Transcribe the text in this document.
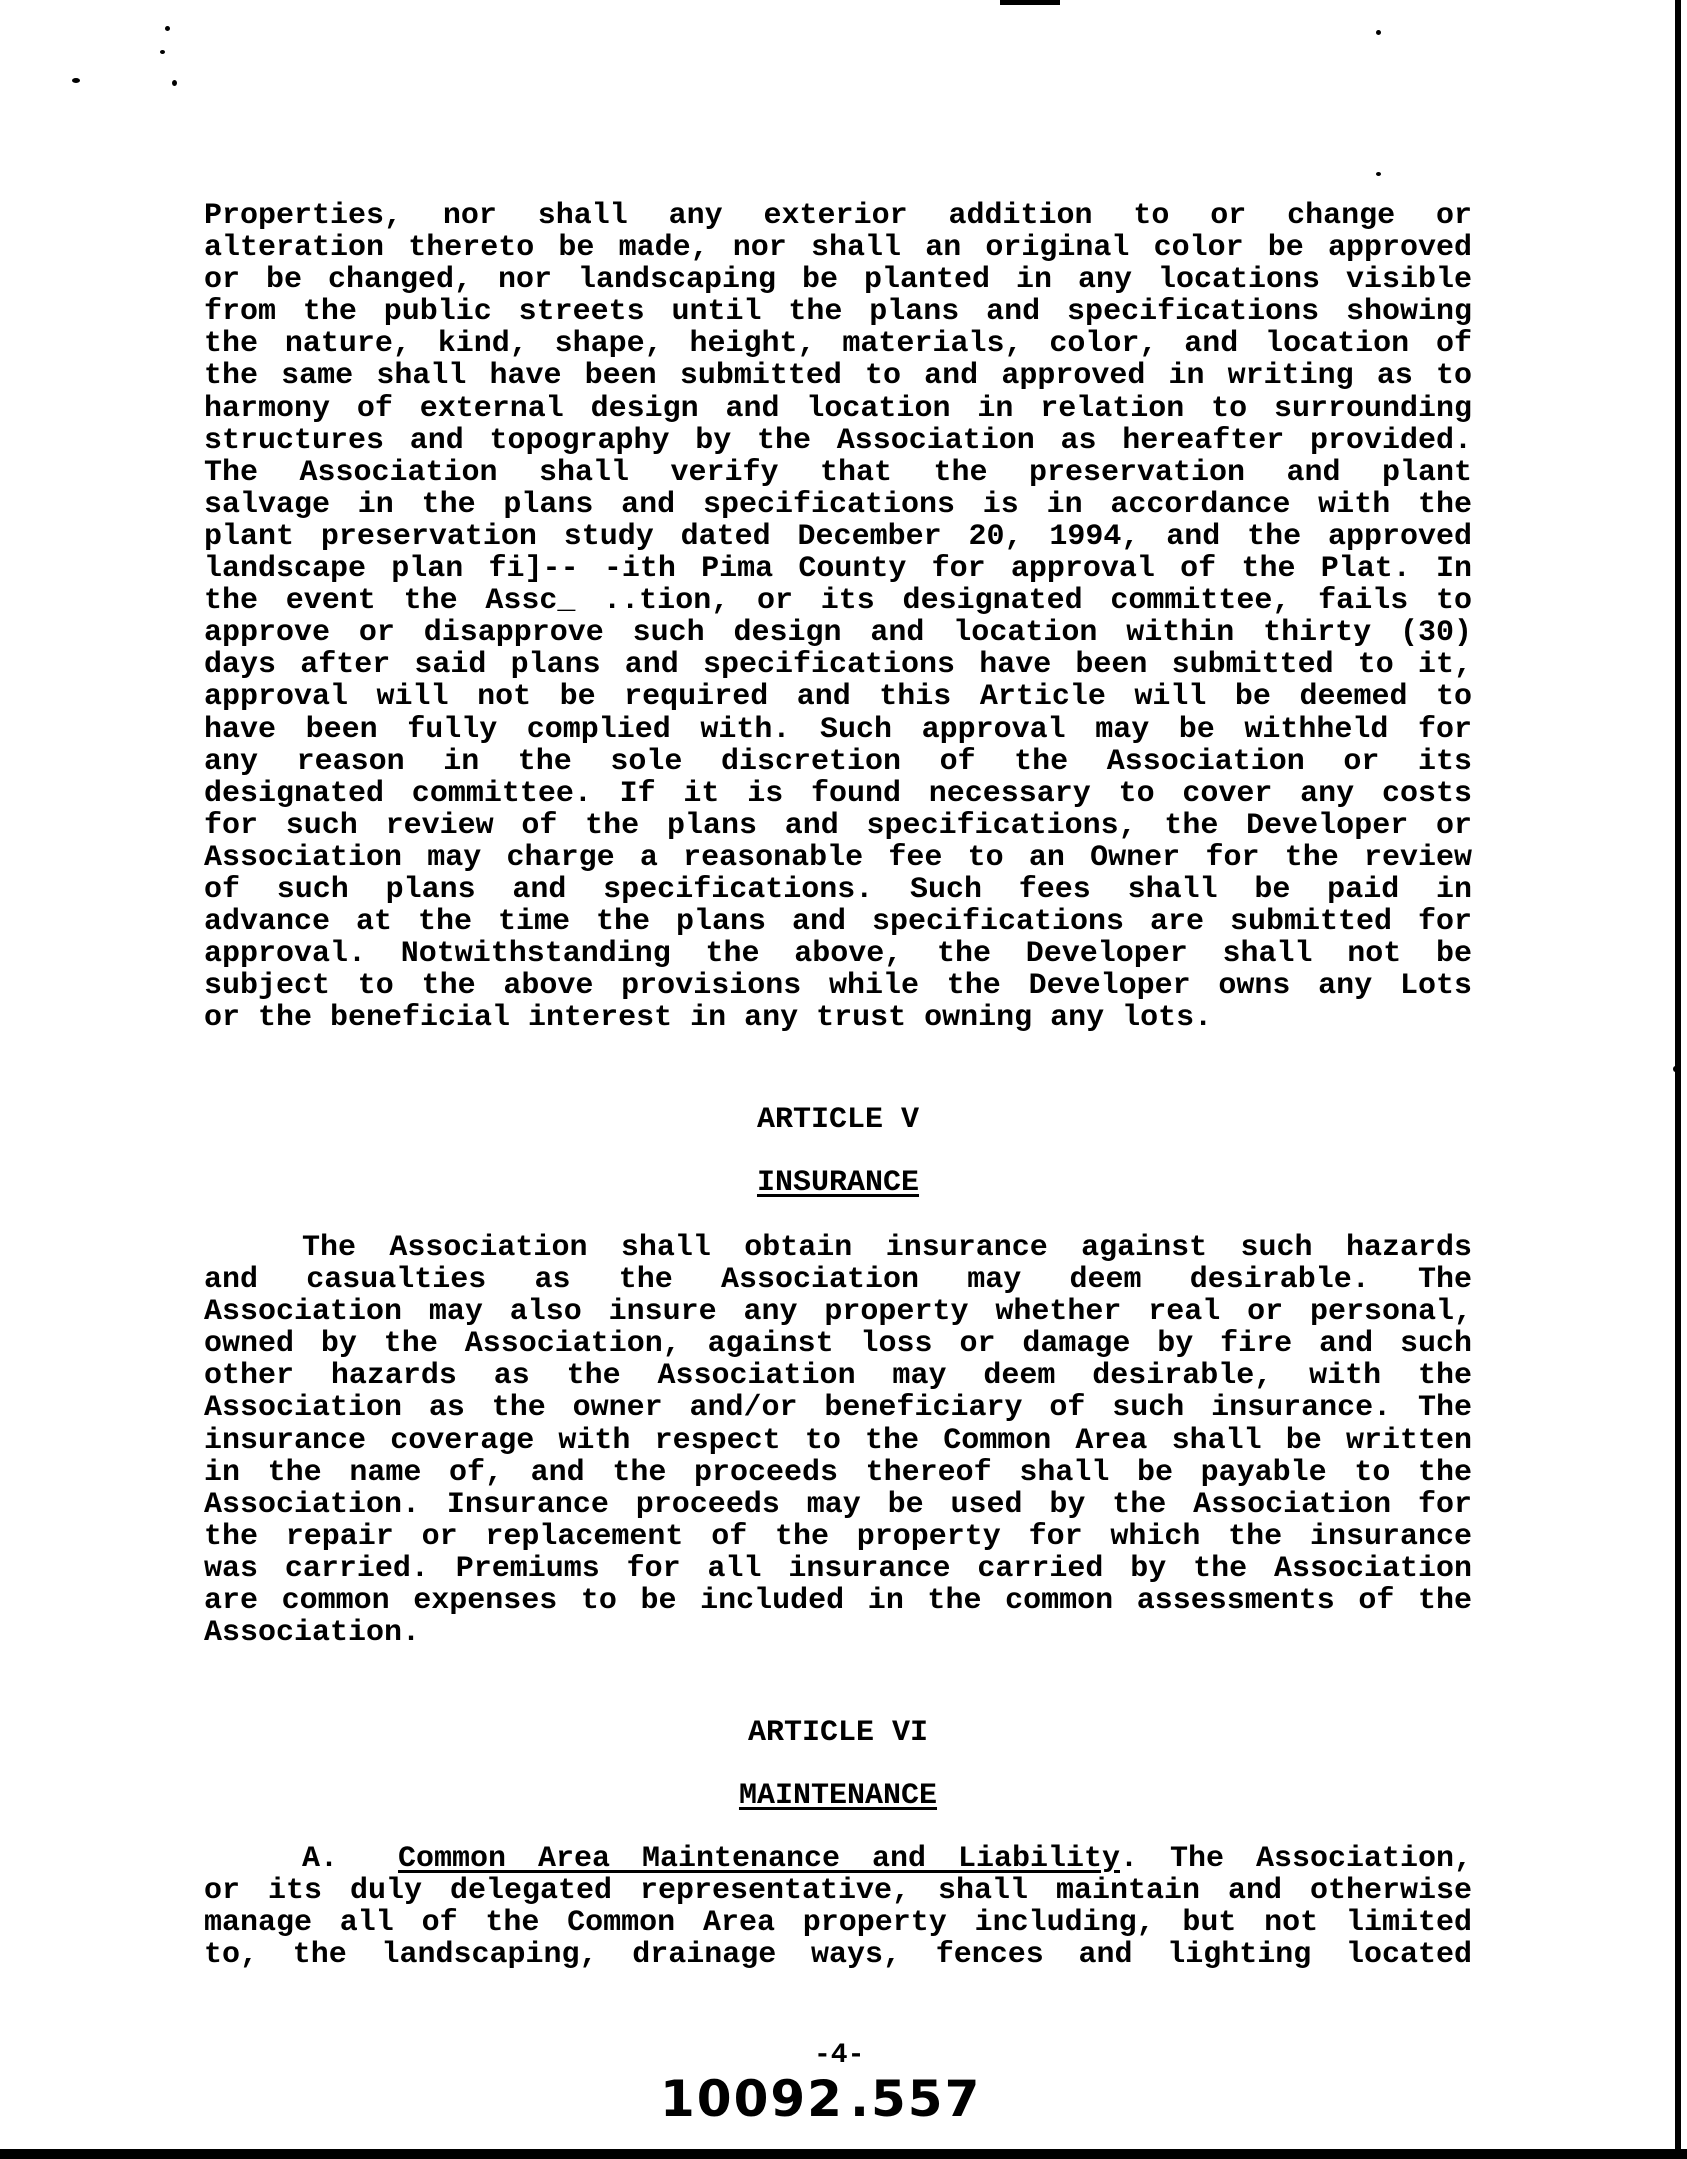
Properties, nor shall any exterior addition to or change or
alteration thereto be made, nor shall an original color be approved
or be changed, nor landscaping be planted in any locations visible
from the public streets until the plans and specifications showing
the nature, kind, shape, height, materials, color, and location of
the same shall have been submitted to and approved in writing as to
harmony of external design and location in relation to surrounding
structures and topography by the Association as hereafter provided.
The Association shall verify that the preservation and plant
salvage in the plans and specifications is in accordance with the
plant preservation study dated December 20, 1994, and the approved
landscape plan fi]-- -ith Pima County for approval of the Plat. In
the event the Assc_ ..tion, or its designated committee, fails to
approve or disapprove such design and location within thirty (30)
days after said plans and specifications have been submitted to it,
approval will not be required and this Article will be deemed to
have been fully complied with. Such approval may be withheld for
any reason in the sole discretion of the Association or its
designated committee. If it is found necessary to cover any costs
for such review of the plans and specifications, the Developer or
Association may charge a reasonable fee to an Owner for the review
of such plans and specifications. Such fees shall be paid in
advance at the time the plans and specifications are submitted for
approval. Notwithstanding the above, the Developer shall not be
subject to the above provisions while the Developer owns any Lots
or the beneficial interest in any trust owning any lots.
ARTICLE V
INSURANCE
The Association shall obtain insurance against such hazards
and casualties as the Association may deem desirable. The
Association may also insure any property whether real or personal,
owned by the Association, against loss or damage by fire and such
other hazards as the Association may deem desirable, with the
Association as the owner and/or beneficiary of such insurance. The
insurance coverage with respect to the Common Area shall be written
in the name of, and the proceeds thereof shall be payable to the
Association. Insurance proceeds may be used by the Association for
the repair or replacement of the property for which the insurance
was carried. Premiums for all insurance carried by the Association
are common expenses to be included in the common assessments of the
Association.
ARTICLE VI
MAINTENANCE
A. Common Area Maintenance and Liability. The Association,
or its duly delegated representative, shall maintain and otherwise
manage all of the Common Area property including, but not limited
to, the landscaping, drainage ways, fences and lighting located
-4-
10092 .557
